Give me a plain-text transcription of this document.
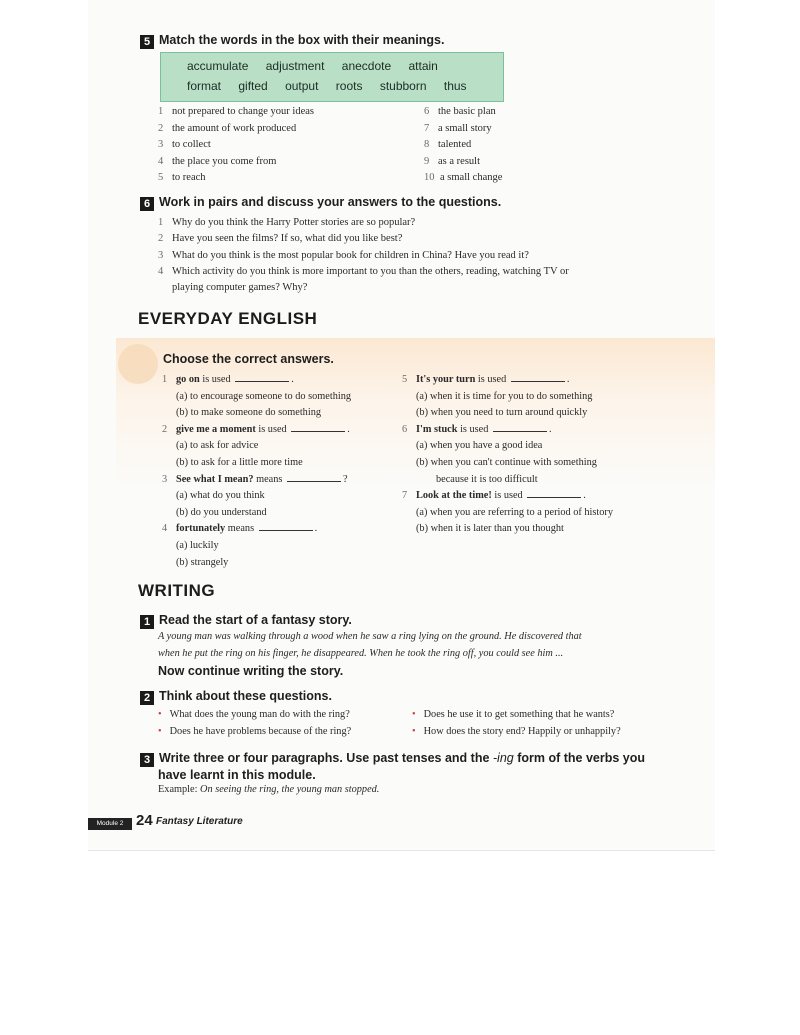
5 Match the words in the box with their meanings.
accumulate adjustment anecdote attain
format gifted output roots stubborn thus
1 not prepared to change your ideas
2 the amount of work produced
3 to collect
4 the place you come from
5 to reach
6 the basic plan
7 a small story
8 talented
9 as a result
10 a small change
6 Work in pairs and discuss your answers to the questions.
1 Why do you think the Harry Potter stories are so popular?
2 Have you seen the films? If so, what did you like best?
3 What do you think is the most popular book for children in China? Have you read it?
4 Which activity do you think is more important to you than the others, reading, watching TV or
playing computer games? Why?
EVERYDAY ENGLISH
Choose the correct answers.
1 go on is used	.
(a) to encourage someone to do something
(b) to make someone do something
2 give me a moment is used	.
(a) to ask for advice
(b) to ask for a little more time
3 See what I mean? means	?
(a) what do you think
(b) do you understand
4 fortunately means	.
(a) luckily
(b) strangely
5 It's your turn is used	.
(a) when it is time for you to do something
(b) when you need to turn around quickly
6 I'm stuck is used	.
(a) when you have a good idea
(b) when you can't continue with something
because it is too difficult
7 Look at the time! is used	.
(a) when you are referring to a period of history
(b) when it is later than you thought
WRITING
1 Read the start of a fantasy story.
A young man was walking through a wood when he saw a ring lying on the ground. He discovered that
when he put the ring on his finger, he disappeared. When he took the ring off, you could see him ...
Now continue writing the story.
2 Think about these questions.
• What does the young man do with the ring?
• Does he have problems because of the ring?
• Does he use it to get something that he wants?
• How does the story end? Happily or unhappily?
3 Write three or four paragraphs. Use past tenses and the -ing form of the verbs you
have learnt in this module.
Example: On seeing the ring, the young man stopped.
Module 2 24 Fantasy Literature
